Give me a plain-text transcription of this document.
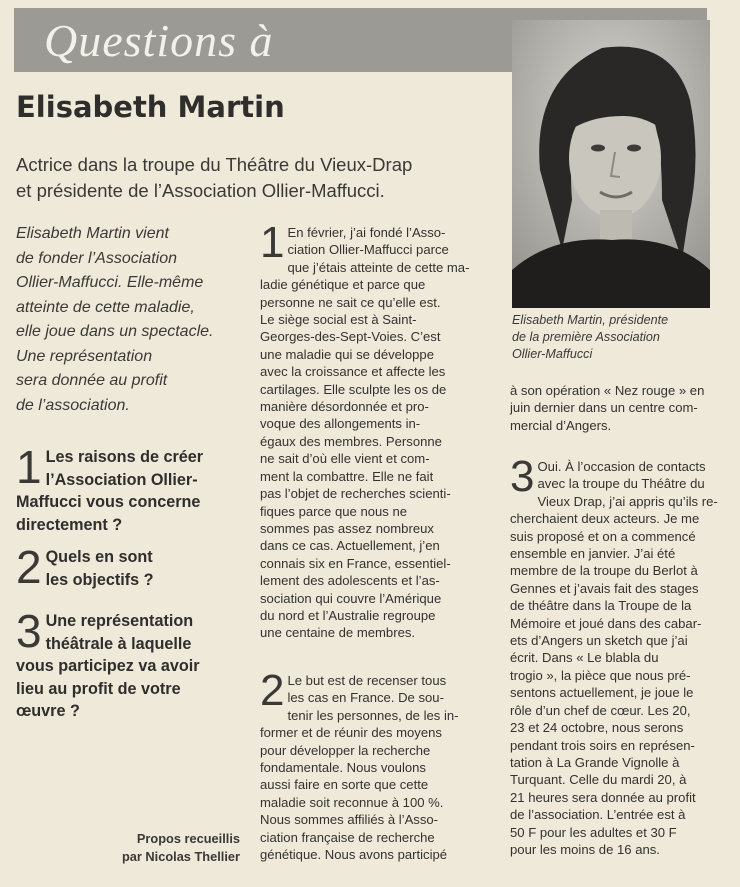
Questions à
Elisabeth Martin
Actrice dans la troupe du Théâtre du Vieux-Drap
et présidente de l’Association Ollier-Maffucci.
Elisabeth Martin, présidente
de la première Association
Ollier-Maffucci
Elisabeth Martin vient
de fonder l’Association
Ollier-Maffucci. Elle-même
atteinte de cette maladie,
elle joue dans un spectacle.
Une représentation
sera donnée au profit
de l’association.
1 Les raisons de créer
l’Association Ollier-
Maffucci vous concerne
directement ?
2 Quels en sont
les objectifs ?
3 Une représentation
théâtrale à laquelle
vous participez va avoir
lieu au profit de votre
œuvre ?
Propos recueillis
par Nicolas Thellier
1 En février, j’ai fondé l’Asso-
ciation Ollier-Maffucci parce
que j’étais atteinte de cette ma-
ladie génétique et parce que
personne ne sait ce qu’elle est.
Le siège social est à Saint-
Georges-des-Sept-Voies. C’est
une maladie qui se développe
avec la croissance et affecte les
cartilages. Elle sculpte les os de
manière désordonnée et pro-
voque des allongements in-
égaux des membres. Personne
ne sait d’où elle vient et com-
ment la combattre. Elle ne fait
pas l’objet de recherches scienti-
fiques parce que nous ne
sommes pas assez nombreux
dans ce cas. Actuellement, j’en
connais six en France, essentiel-
lement des adolescents et l’as-
sociation qui couvre l’Amérique
du nord et l’Australie regroupe
une centaine de membres.
2 Le but est de recenser tous
les cas en France. De sou-
tenir les personnes, de les in-
former et de réunir des moyens
pour développer la recherche
fondamentale. Nous voulons
aussi faire en sorte que cette
maladie soit reconnue à 100 %.
Nous sommes affiliés à l’Asso-
ciation française de recherche
génétique. Nous avons participé
à son opération « Nez rouge » en
juin dernier dans un centre com-
mercial d’Angers.
3 Oui. À l’occasion de contacts
avec la troupe du Théâtre du
Vieux Drap, j’ai appris qu’ils re-
cherchaient deux acteurs. Je me
suis proposé et on a commencé
ensemble en janvier. J’ai été
membre de la troupe du Berlot à
Gennes et j’avais fait des stages
de théâtre dans la Troupe de la
Mémoire et joué dans des cabar-
ets d’Angers un sketch que j’ai
écrit. Dans « Le blabla du
trogio », la pièce que nous pré-
sentons actuellement, je joue le
rôle d’un chef de cœur. Les 20,
23 et 24 octobre, nous serons
pendant trois soirs en représen-
tation à La Grande Vignolle à
Turquant. Celle du mardi 20, à
21 heures sera donnée au profit
de l’association. L’entrée est à
50 F pour les adultes et 30 F
pour les moins de 16 ans.
